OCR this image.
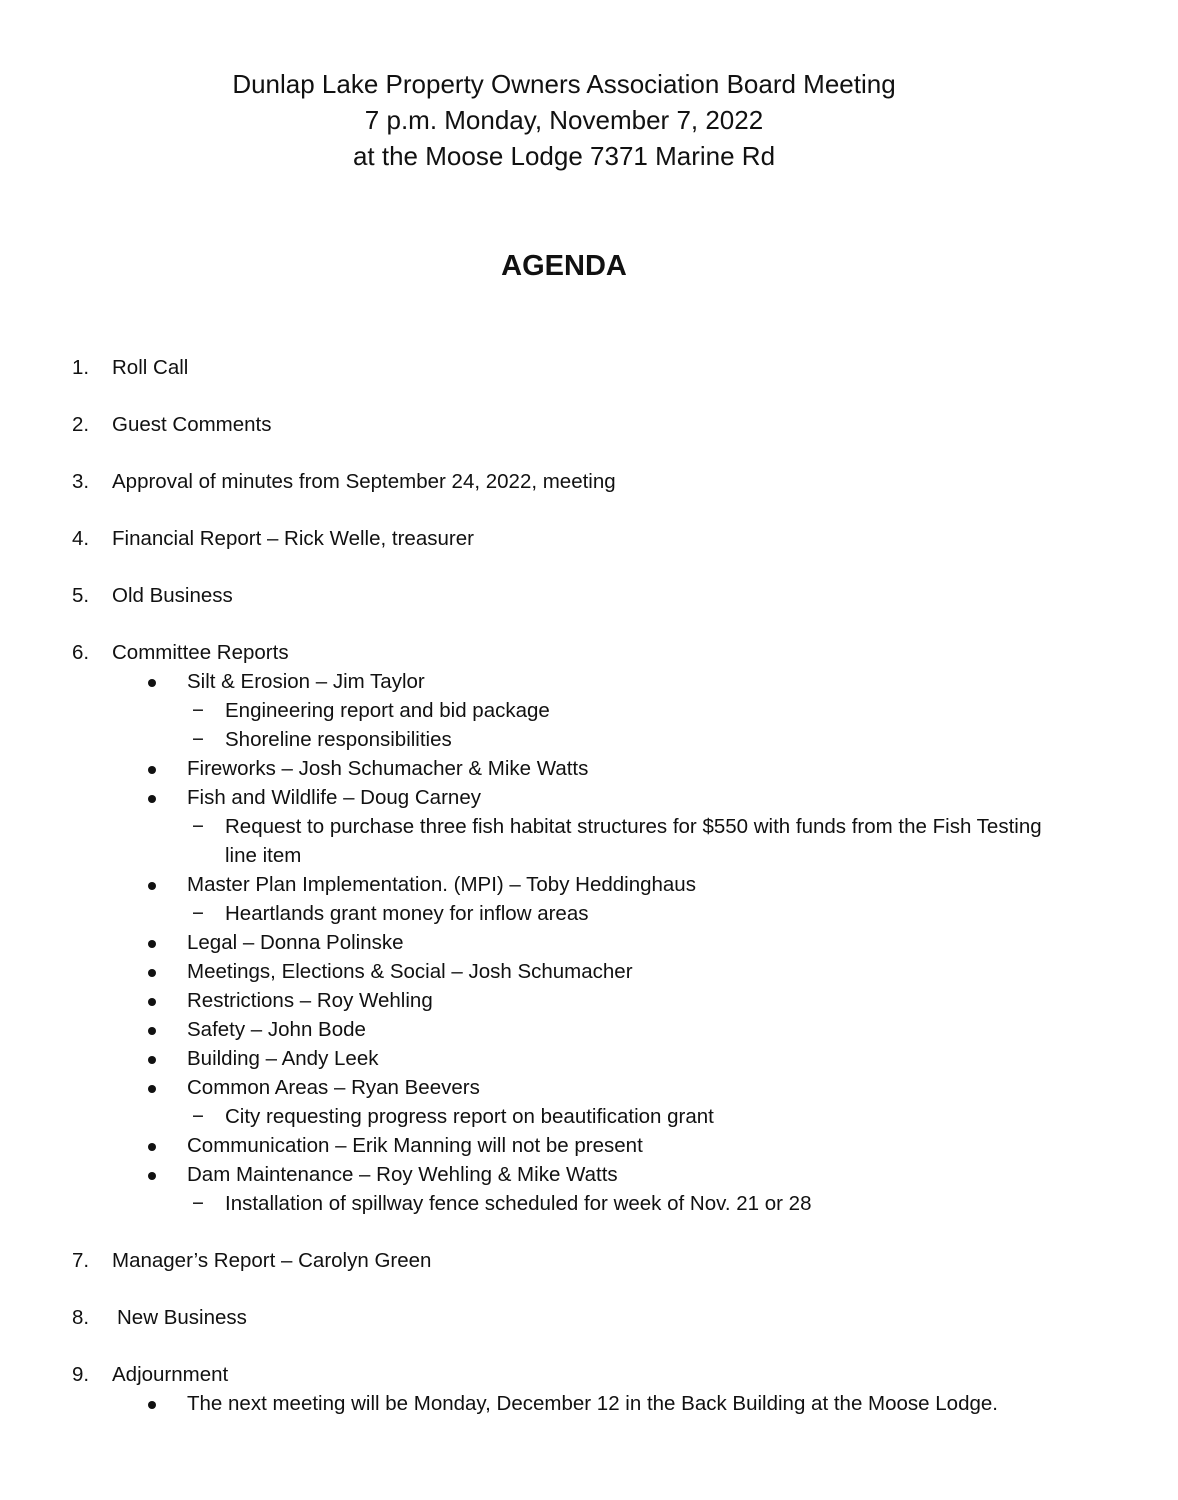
Dunlap Lake Property Owners Association Board Meeting
7 p.m. Monday, November 7, 2022
at the Moose Lodge 7371 Marine Rd
AGENDA
1. Roll Call
2. Guest Comments
3. Approval of minutes from September 24, 2022, meeting
4. Financial Report – Rick Welle, treasurer
5. Old Business
6. Committee Reports
Silt & Erosion – Jim Taylor
− Engineering report and bid package
− Shoreline responsibilities
Fireworks – Josh Schumacher & Mike Watts
Fish and Wildlife – Doug Carney
− Request to purchase three fish habitat structures for $550 with funds from the Fish Testing line item
Master Plan Implementation. (MPI) – Toby Heddinghaus
− Heartlands grant money for inflow areas
Legal – Donna Polinske
Meetings, Elections & Social – Josh Schumacher
Restrictions – Roy Wehling
Safety – John Bode
Building – Andy Leek
Common Areas – Ryan Beevers
− City requesting progress report on beautification grant
Communication – Erik Manning will not be present
Dam Maintenance – Roy Wehling & Mike Watts
− Installation of spillway fence scheduled for week of Nov. 21 or 28
7. Manager’s Report – Carolyn Green
8. New Business
9. Adjournment
The next meeting will be Monday, December 12 in the Back Building at the Moose Lodge.
